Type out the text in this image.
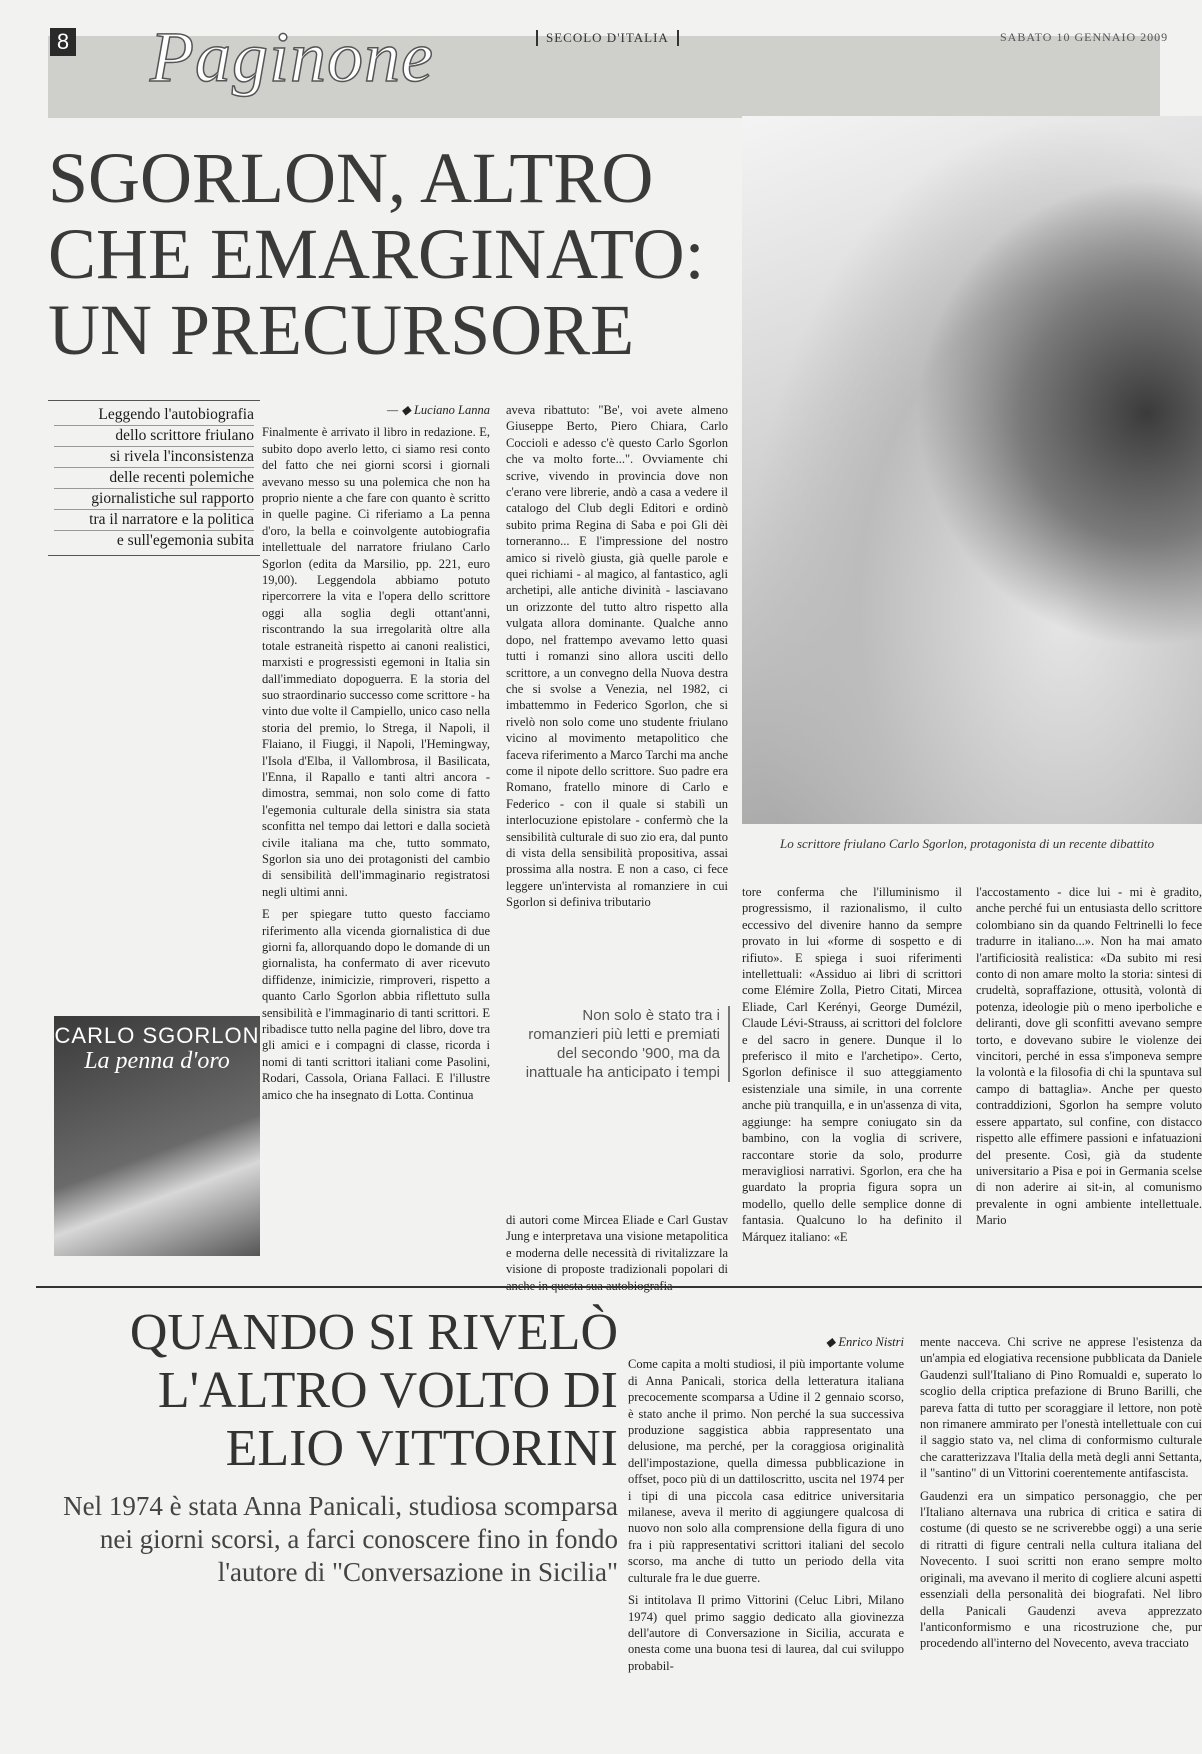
8 Paginone	SECOLO D'ITALIA	SABATO 10 GENNAIO 2009
SGORLON, ALTRO CHE EMARGINATO: UN PRECURSORE
Lo scrittore friulano Carlo Sgorlon, protagonista di un recente dibattito
Leggendo l'autobiografia
dello scrittore friulano
si rivela l'inconsistenza
delle recenti polemiche
giornalistiche sul rapporto
tra il narratore e la politica
e sull'egemonia subita
— ◆ Luciano Lanna

Finalmente è arrivato il libro in redazione. E, subito dopo averlo letto, ci siamo resi conto del fatto che nei giorni scorsi i giornali avevano messo su una polemica che non ha proprio niente a che fare con quanto è scritto in quelle pagine. Ci riferiamo a La penna d'oro, la bella e coinvolgente autobiografia intellettuale del narratore friulano Carlo Sgorlon (edita da Marsilio, pp. 221, euro 19,00). Leggendola abbiamo potuto ripercorrere la vita e l'opera dello scrittore oggi alla soglia degli ottant'anni, riscontrando la sua irregolarità oltre alla totale estraneità rispetto ai canoni realistici, marxisti e progressisti egemoni in Italia sin dall'immediato dopoguerra. E la storia del suo straordinario successo come scrittore - ha vinto due volte il Campiello, unico caso nella storia del premio, lo Strega, il Napoli, il Flaiano, il Fiuggi, il Napoli, l'Hemingway, l'Isola d'Elba, il Vallombrosa, il Basilicata, l'Enna, il Rapallo e tanti altri ancora - dimostra, semmai, non solo come di fatto l'egemonia culturale della sinistra sia stata sconfitta nel tempo dai lettori e dalla società civile italiana ma che, tutto sommato, Sgorlon sia uno dei protagonisti del cambio di sensibilità dell'immaginario registratosi negli ultimi anni.

E per spiegare tutto questo facciamo riferimento alla vicenda giornalistica di due giorni fa, allorquando dopo le domande di un giornalista, ha confermato di aver ricevuto diffidenze, inimicizie, rimproveri, rispetto a quanto Carlo Sgorlon abbia riflettuto sulla sensibilità e l'immaginario di tanti scrittori. E ribadisce tutto nella pagine del libro, dove tra gli amici e i compagni di classe, ricorda i nomi di tanti scrittori italiani come Pasolini, Rodari, Cassola, Oriana Fallaci. E l'illustre amico che ha insegnato di Lotta. Continua

aveva ribattuto: "Be', voi avete almeno Giuseppe Berto, Piero Chiara, Carlo Coccioli e adesso c'è questo Carlo Sgorlon che va molto forte...". Ovviamente chi scrive, vivendo in provincia dove non c'erano vere librerie, andò a casa a vedere il catalogo del Club degli Editori e ordinò subito prima Regina di Saba e poi Gli dèi torneranno... E l'impressione del nostro amico si rivelò giusta, già quelle parole e quei richiami - al magico, al fantastico, agli archetipi, alle antiche divinità - lasciavano un orizzonte del tutto altro rispetto alla vulgata allora dominante. Qualche anno dopo, nel frattempo avevamo letto quasi tutti i romanzi sino allora usciti dello scrittore, a un convegno della Nuova destra che si svolse a Venezia, nel 1982, ci imbattemmo in Federico Sgorlon, che si rivelò non solo come uno studente friulano vicino al movimento metapolitico che faceva riferimento a Marco Tarchi ma anche come il nipote dello scrittore. Suo padre era Romano, fratello minore di Carlo e Federico - con il quale si stabilì un interlocuzione epistolare - confermò che la sensibilità culturale di suo zio era, dal punto di vista della sensibilità propositiva, assai prossima alla nostra. E non a caso, ci fece leggere un'intervista al romanziere in cui Sgorlon si definiva tributario

Non solo è stato tra i romanzieri più letti e premiati del secondo '900, ma da inattuale ha anticipato i tempi

di autori come Mircea Eliade e Carl Gustav Jung e interpretava una visione metapolitica e moderna delle necessità di rivitalizzare la visione di proposte tradizionali popolari di anche in questa sua autobiografia

tore conferma che l'illuminismo il progressismo, il razionalismo, il culto eccessivo del divenire hanno da sempre provato in lui «forme di sospetto e di rifiuto». E spiega i suoi riferimenti intellettuali: «Assiduo ai libri di scrittori come Elémire Zolla, Pietro Citati, Mircea Eliade, Carl Kerényi, George Dumézil, Claude Lévi-Strauss, ai scrittori del folclore e del sacro in genere. Dunque il lo preferisco il mito e l'archetipo». Certo, Sgorlon definisce il suo atteggiamento esistenziale una simile, in una corrente anche più tranquilla, e in un'assenza di vita, aggiunge: ha sempre coniugato sin da bambino, con la voglia di scrivere, raccontare storie da solo, produrre meravigliosi narrativi. Sgorlon, era che ha guardato la propria figura sopra un modello, quello delle semplice donne di fantasia. Qualcuno lo ha definito il Márquez italiano: «E

l'accostamento - dice lui - mi è gradito, anche perché fui un entusiasta dello scrittore colombiano sin da quando Feltrinelli lo fece tradurre in italiano...». Non ha mai amato l'artificiosità realistica: «Da subito mi resi conto di non amare molto la storia: sintesi di crudeltà, sopraffazione, ottusità, volontà di potenza, ideologie più o meno iperboliche e deliranti, dove gli sconfitti avevano sempre torto, e dovevano subire le violenze dei vincitori, perché in essa s'imponeva sempre la volontà e la filosofia di chi la spuntava sul campo di battaglia». Anche per questo contraddizioni, Sgorlon ha sempre voluto essere appartato, sul confine, con distacco rispetto alle effimere passioni e infatuazioni del presente. Così, già da studente universitario a Pisa e poi in Germania scelse di non aderire ai sit-in, al comunismo prevalente in ogni ambiente intellettuale. Mario

CARLO SGORLON
La penna d'oro
QUANDO SI RIVELÒ L'ALTRO VOLTO DI ELIO VITTORINI
Nel 1974 è stata Anna Panicali, studiosa scomparsa nei giorni scorsi, a farci conoscere fino in fondo l'autore di "Conversazione in Sicilia"
◆ Enrico Nistri

Come capita a molti studiosi, il più importante volume di Anna Panicali, storica della letteratura italiana precocemente scomparsa a Udine il 2 gennaio scorso, è stato anche il primo. Non perché la sua successiva produzione saggistica abbia rappresentato una delusione, ma perché, per la coraggiosa originalità dell'impostazione, quella dimessa pubblicazione in offset, poco più di un dattiloscritto, uscita nel 1974 per i tipi di una piccola casa editrice universitaria milanese, aveva il merito di aggiungere qualcosa di nuovo non solo alla comprensione della figura di uno fra i più rappresentativi scrittori italiani del secolo scorso, ma anche di tutto un periodo della vita culturale fra le due guerre.

Si intitolava Il primo Vittorini (Celuc Libri, Milano 1974) quel primo saggio dedicato alla giovinezza dell'autore di Conversazione in Sicilia, accurata e onesta come una buona tesi di laurea, dal cui sviluppo probabil-

mente nacceva. Chi scrive ne apprese l'esistenza da un'ampia ed elogiativa recensione pubblicata da Daniele Gaudenzi sull'Italiano di Pino Romualdi e, superato lo scoglio della criptica prefazione di Bruno Barilli, che pareva fatta di tutto per scoraggiare il lettore, non potè non rimanere ammirato per l'onestà intellettuale con cui il saggio stato va, nel clima di conformismo culturale che caratterizzava l'Italia della metà degli anni Settanta, il "santino" di un Vittorini coerentemente antifascista.

Gaudenzi era un simpatico personaggio, che per l'Italiano alternava una rubrica di critica e satira di costume (di questo se ne scriverebbe oggi) a una serie di ritratti di figure centrali nella cultura italiana del Novecento. I suoi scritti non erano sempre molto originali, ma avevano il merito di cogliere alcuni aspetti essenziali della personalità dei biografati. Nel libro della Panicali Gaudenzi aveva apprezzato l'anticonformismo e una ricostruzione che, pur procedendo all'interno del Novecento, aveva tracciato
